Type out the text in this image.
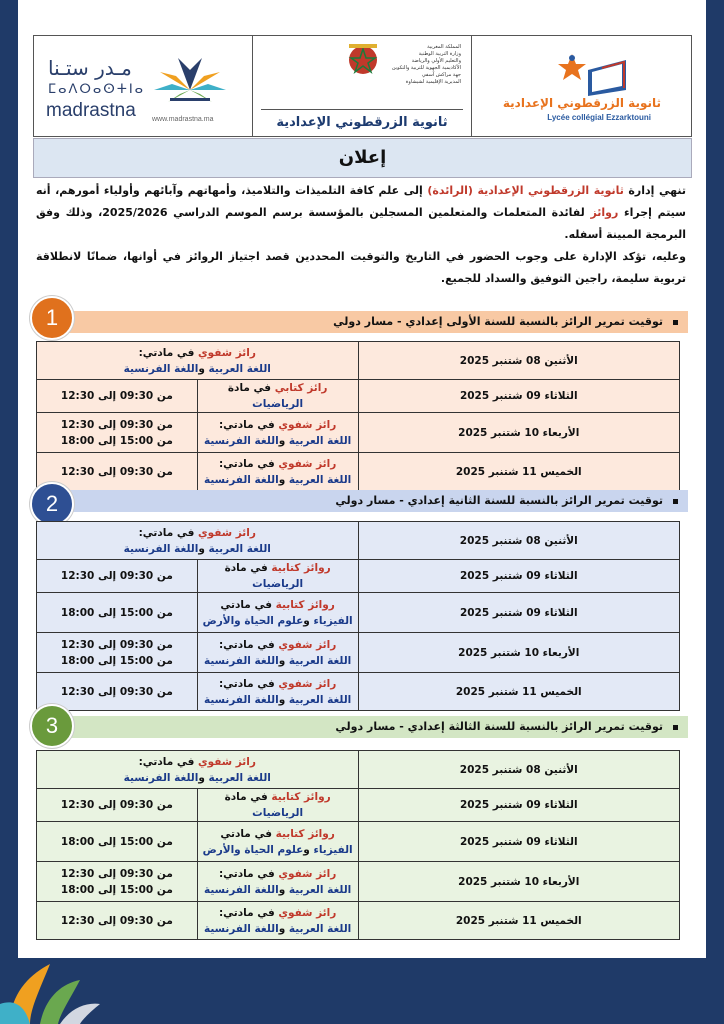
مـدر ستـنا
ⵎⴰⴷⵔⴰⵙⵜⵏⴰ
madrastna www.madrastna.ma
المملكة المغربية
وزارة التربية الوطنية
والتعليم الأولي والرياضة
الأكاديمية الجهوية للتربية والتكوين
جهة مراكش آسفي
المديرية الإقليمية لشيشاوة
ثانوية الزرقطوني الإعدادية
ثانوية الزرقطوني الإعدادية
Lycée collégial Ezzarktouni
إعلان

تنهي إدارة ثانوية الزرقطوني الإعدادية (الرائدة) إلى علم كافة التلميذات والتلاميذ، وأمهاتهم وآبائهم وأولياء أمورهم، أنه سيتم إجراء روائز لفائدة المتعلمات والمتعلمين المسجلين بالمؤسسة برسم الموسم الدراسي 2025/2026، وذلك وفق البرمجة المبينة أسفله.

وعليه، تؤكد الإدارة على وجوب الحضور في التاريخ والتوقيت المحددين قصد اجتياز الروائز في أوانها، ضمانًا لانطلاقة تربوية سليمة، راجين التوفيق والسداد للجميع.

توقيت تمرير الرائز بالنسبة للسنة الأولى إعدادي - مسار دولي
1
الأثنين 08 شتنبر 2025	رائز شفوي في مادتي:
اللغة العربية واللغة الفرنسية	

الثلاثاء 09 شتنبر 2025	رائز كتابي في مادة الرياضيات	من 09:30 إلى 12:30

الأربعاء 10 شتنبر 2025	رائز شفوي في مادتي:
اللغة العربية واللغة الفرنسية	من 09:30 إلى 12:30
من 15:00 إلى 18:00

الخميس 11 شتنبر 2025	رائز شفوي في مادتي:
اللغة العربية واللغة الفرنسية	من 09:30 إلى 12:30
توقيت تمرير الرائز بالنسبة للسنة الثانية إعدادي - مسار دولي
2
الأثنين 08 شتنبر 2025	رائز شفوي في مادتي:
اللغة العربية واللغة الفرنسية	

الثلاثاء 09 شتنبر 2025	روائز كتابية في مادة الرياضيات	من 09:30 إلى 12:30

الثلاثاء 09 شتنبر 2025	روائز كتابية في مادتي
الفيزياء وعلوم الحياة والأرض	من 15:00 إلى 18:00

الأربعاء 10 شتنبر 2025	رائز شفوي في مادتي:
اللغة العربية واللغة الفرنسية	من 09:30 إلى 12:30
من 15:00 إلى 18:00

الخميس 11 شتنبر 2025	رائز شفوي في مادتي:
اللغة العربية واللغة الفرنسية	من 09:30 إلى 12:30
توقيت تمرير الرائز بالنسبة للسنة الثالثة إعدادي - مسار دولي
3
الأثنين 08 شتنبر 2025	رائز شفوي في مادتي:
اللغة العربية واللغة الفرنسية	

الثلاثاء 09 شتنبر 2025	روائز كتابية في مادة الرياضيات	من 09:30 إلى 12:30

الثلاثاء 09 شتنبر 2025	روائز كتابية في مادتي
الفيزياء وعلوم الحياة والأرض	من 15:00 إلى 18:00

الأربعاء 10 شتنبر 2025	رائز شفوي في مادتي:
اللغة العربية واللغة الفرنسية	من 09:30 إلى 12:30
من 15:00 إلى 18:00

الخميس 11 شتنبر 2025	رائز شفوي في مادتي:
اللغة العربية واللغة الفرنسية	من 09:30 إلى 12:30
